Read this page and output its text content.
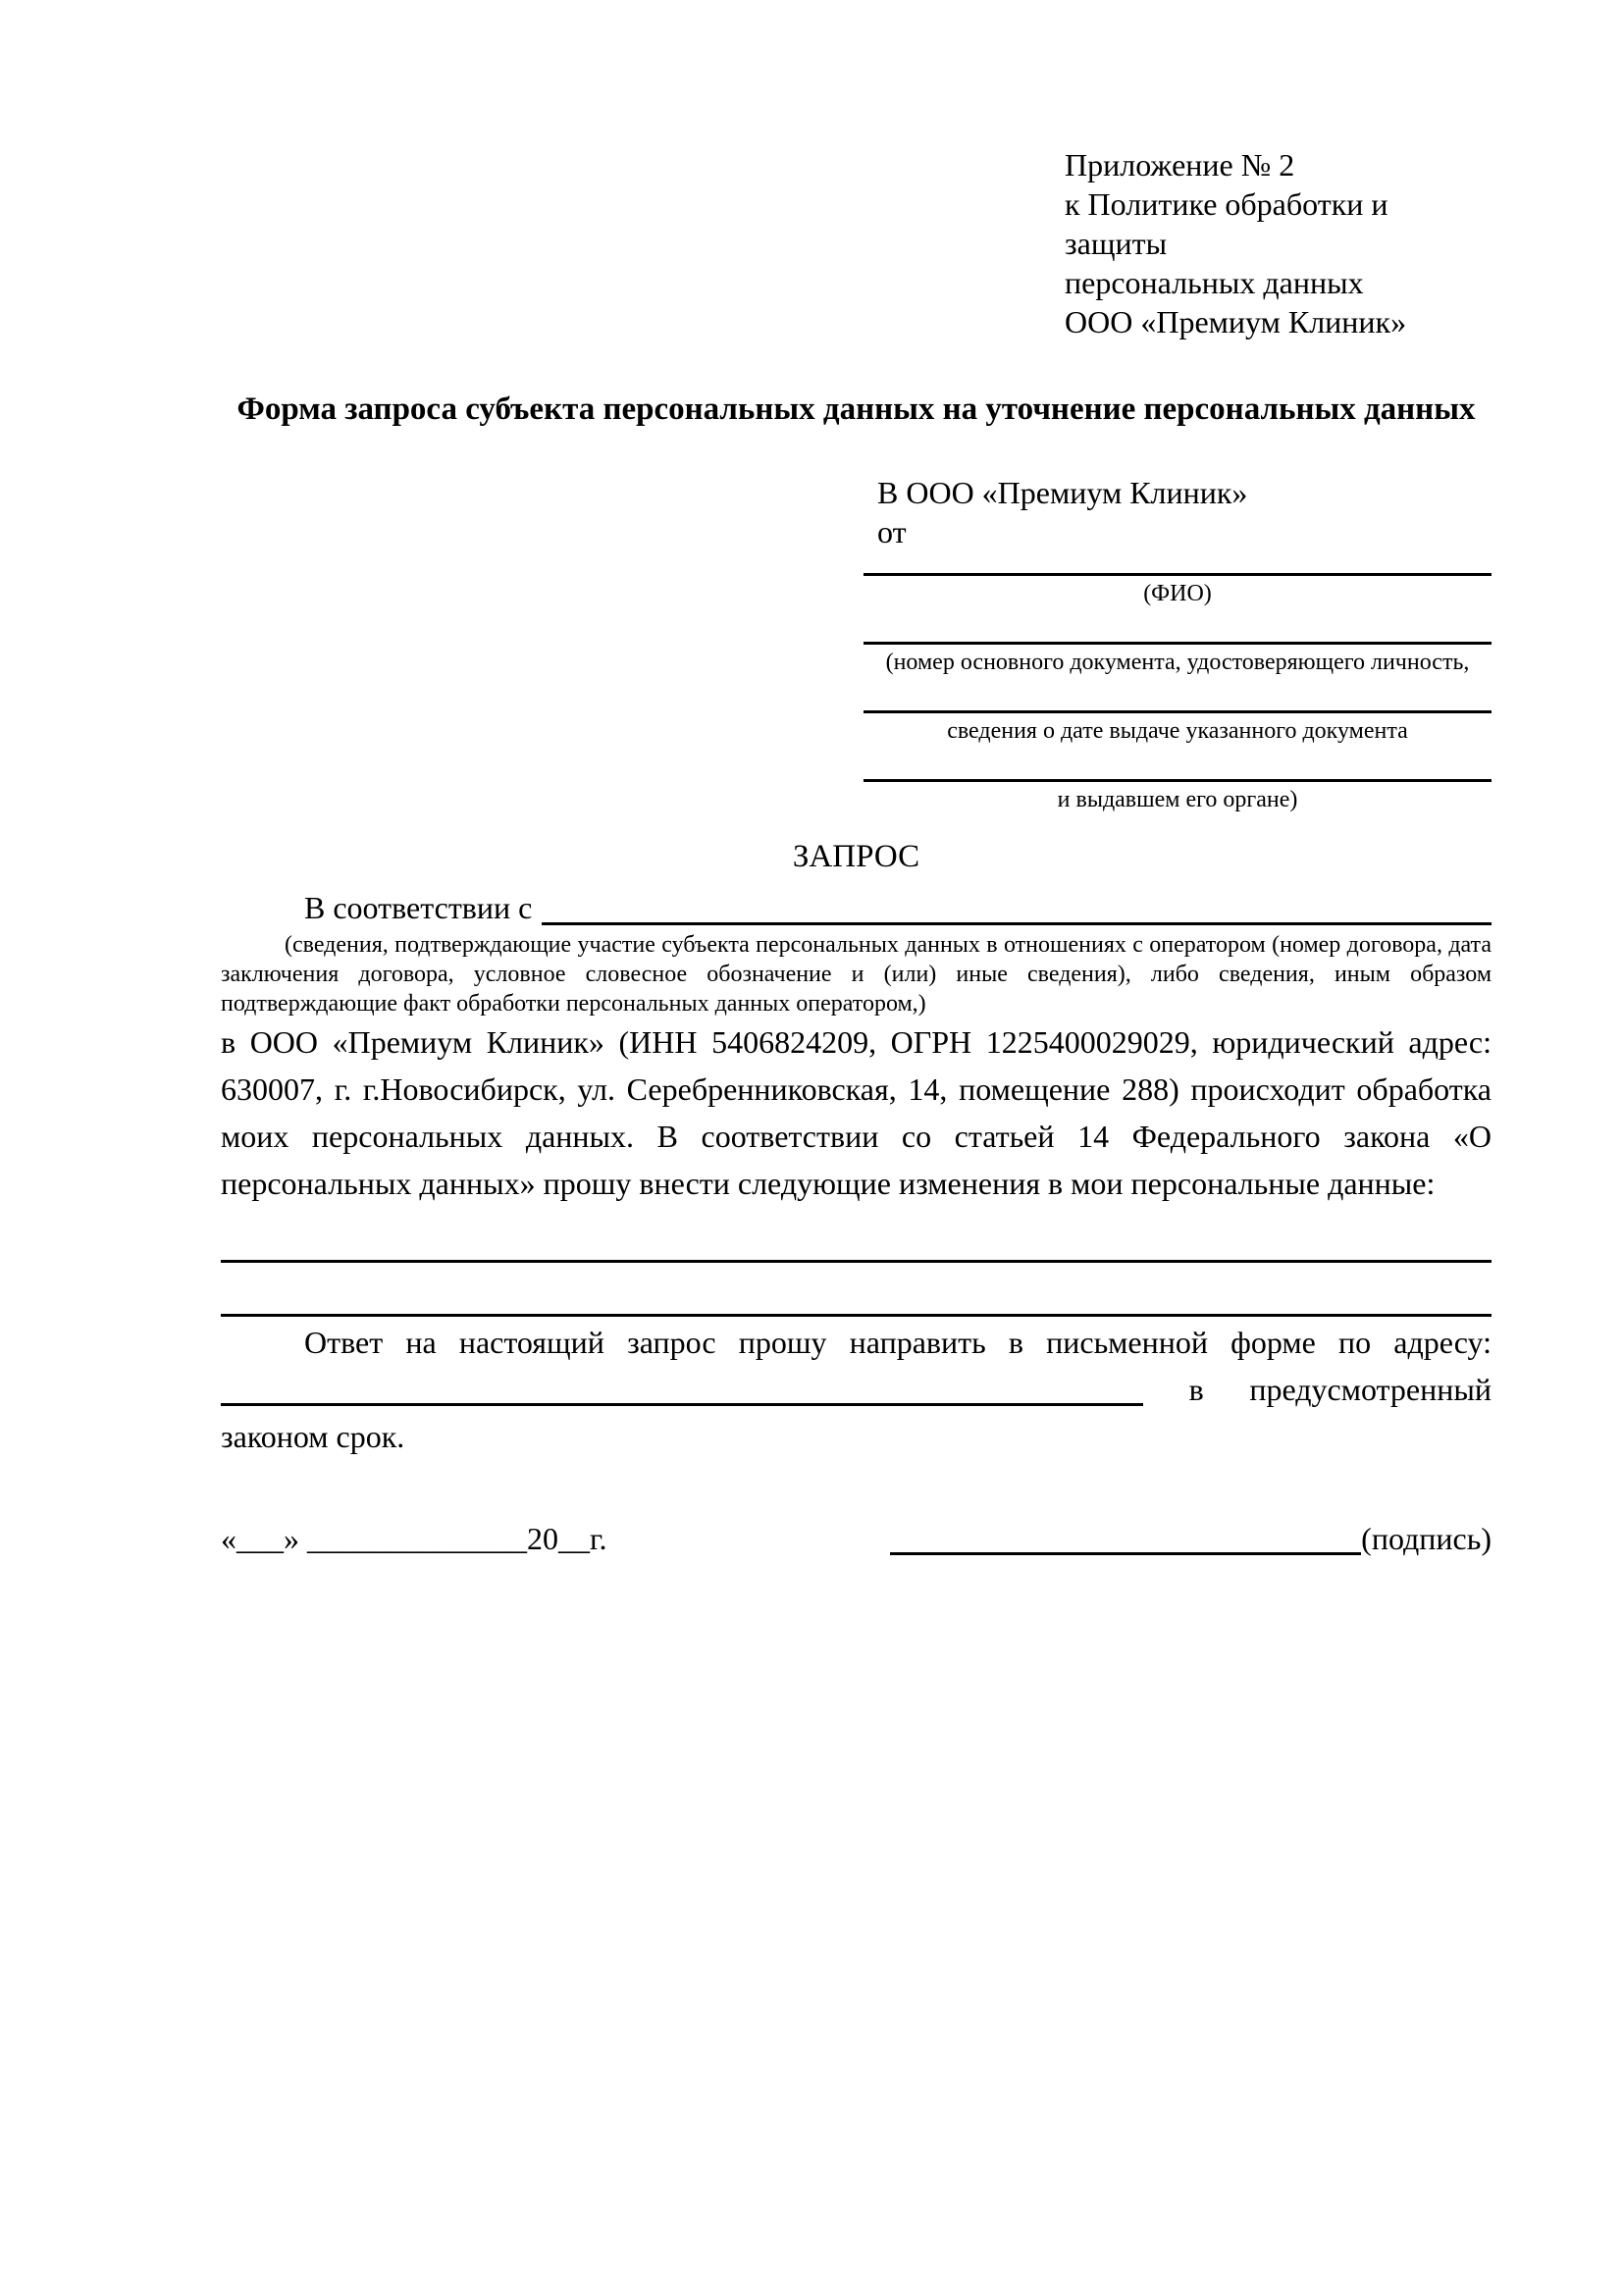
Приложение № 2
к Политике обработки и защиты
персональных данных
ООО «Премиум Клиник»
Форма запроса субъекта персональных данных на уточнение персональных данных
В ООО «Премиум Клиник»
от
(ФИО)
(номер основного документа, удостоверяющего личность,
сведения о дате выдаче указанного документа
и выдавшем его органе)
ЗАПРОС
В соответствии с
(сведения, подтверждающие участие субъекта персональных данных в отношениях с оператором (номер договора, дата заключения договора, условное словесное обозначение и (или) иные сведения), либо сведения, иным образом подтверждающие факт обработки персональных данных оператором,)
в ООО «Премиум Клиник» (ИНН 5406824209, ОГРН 1225400029029, юридический адрес: 630007, г. г.Новосибирск, ул. Серебренниковская, 14, помещение 288) происходит обработка моих персональных данных. В соответствии со статьей 14 Федерального закона «О персональных данных» прошу внести следующие изменения в мои персональные данные:
Ответ на настоящий запрос прошу направить в письменной форме по адресу:
в предусмотренный
законом срок.
«___» ______________20__г.	(подпись)
